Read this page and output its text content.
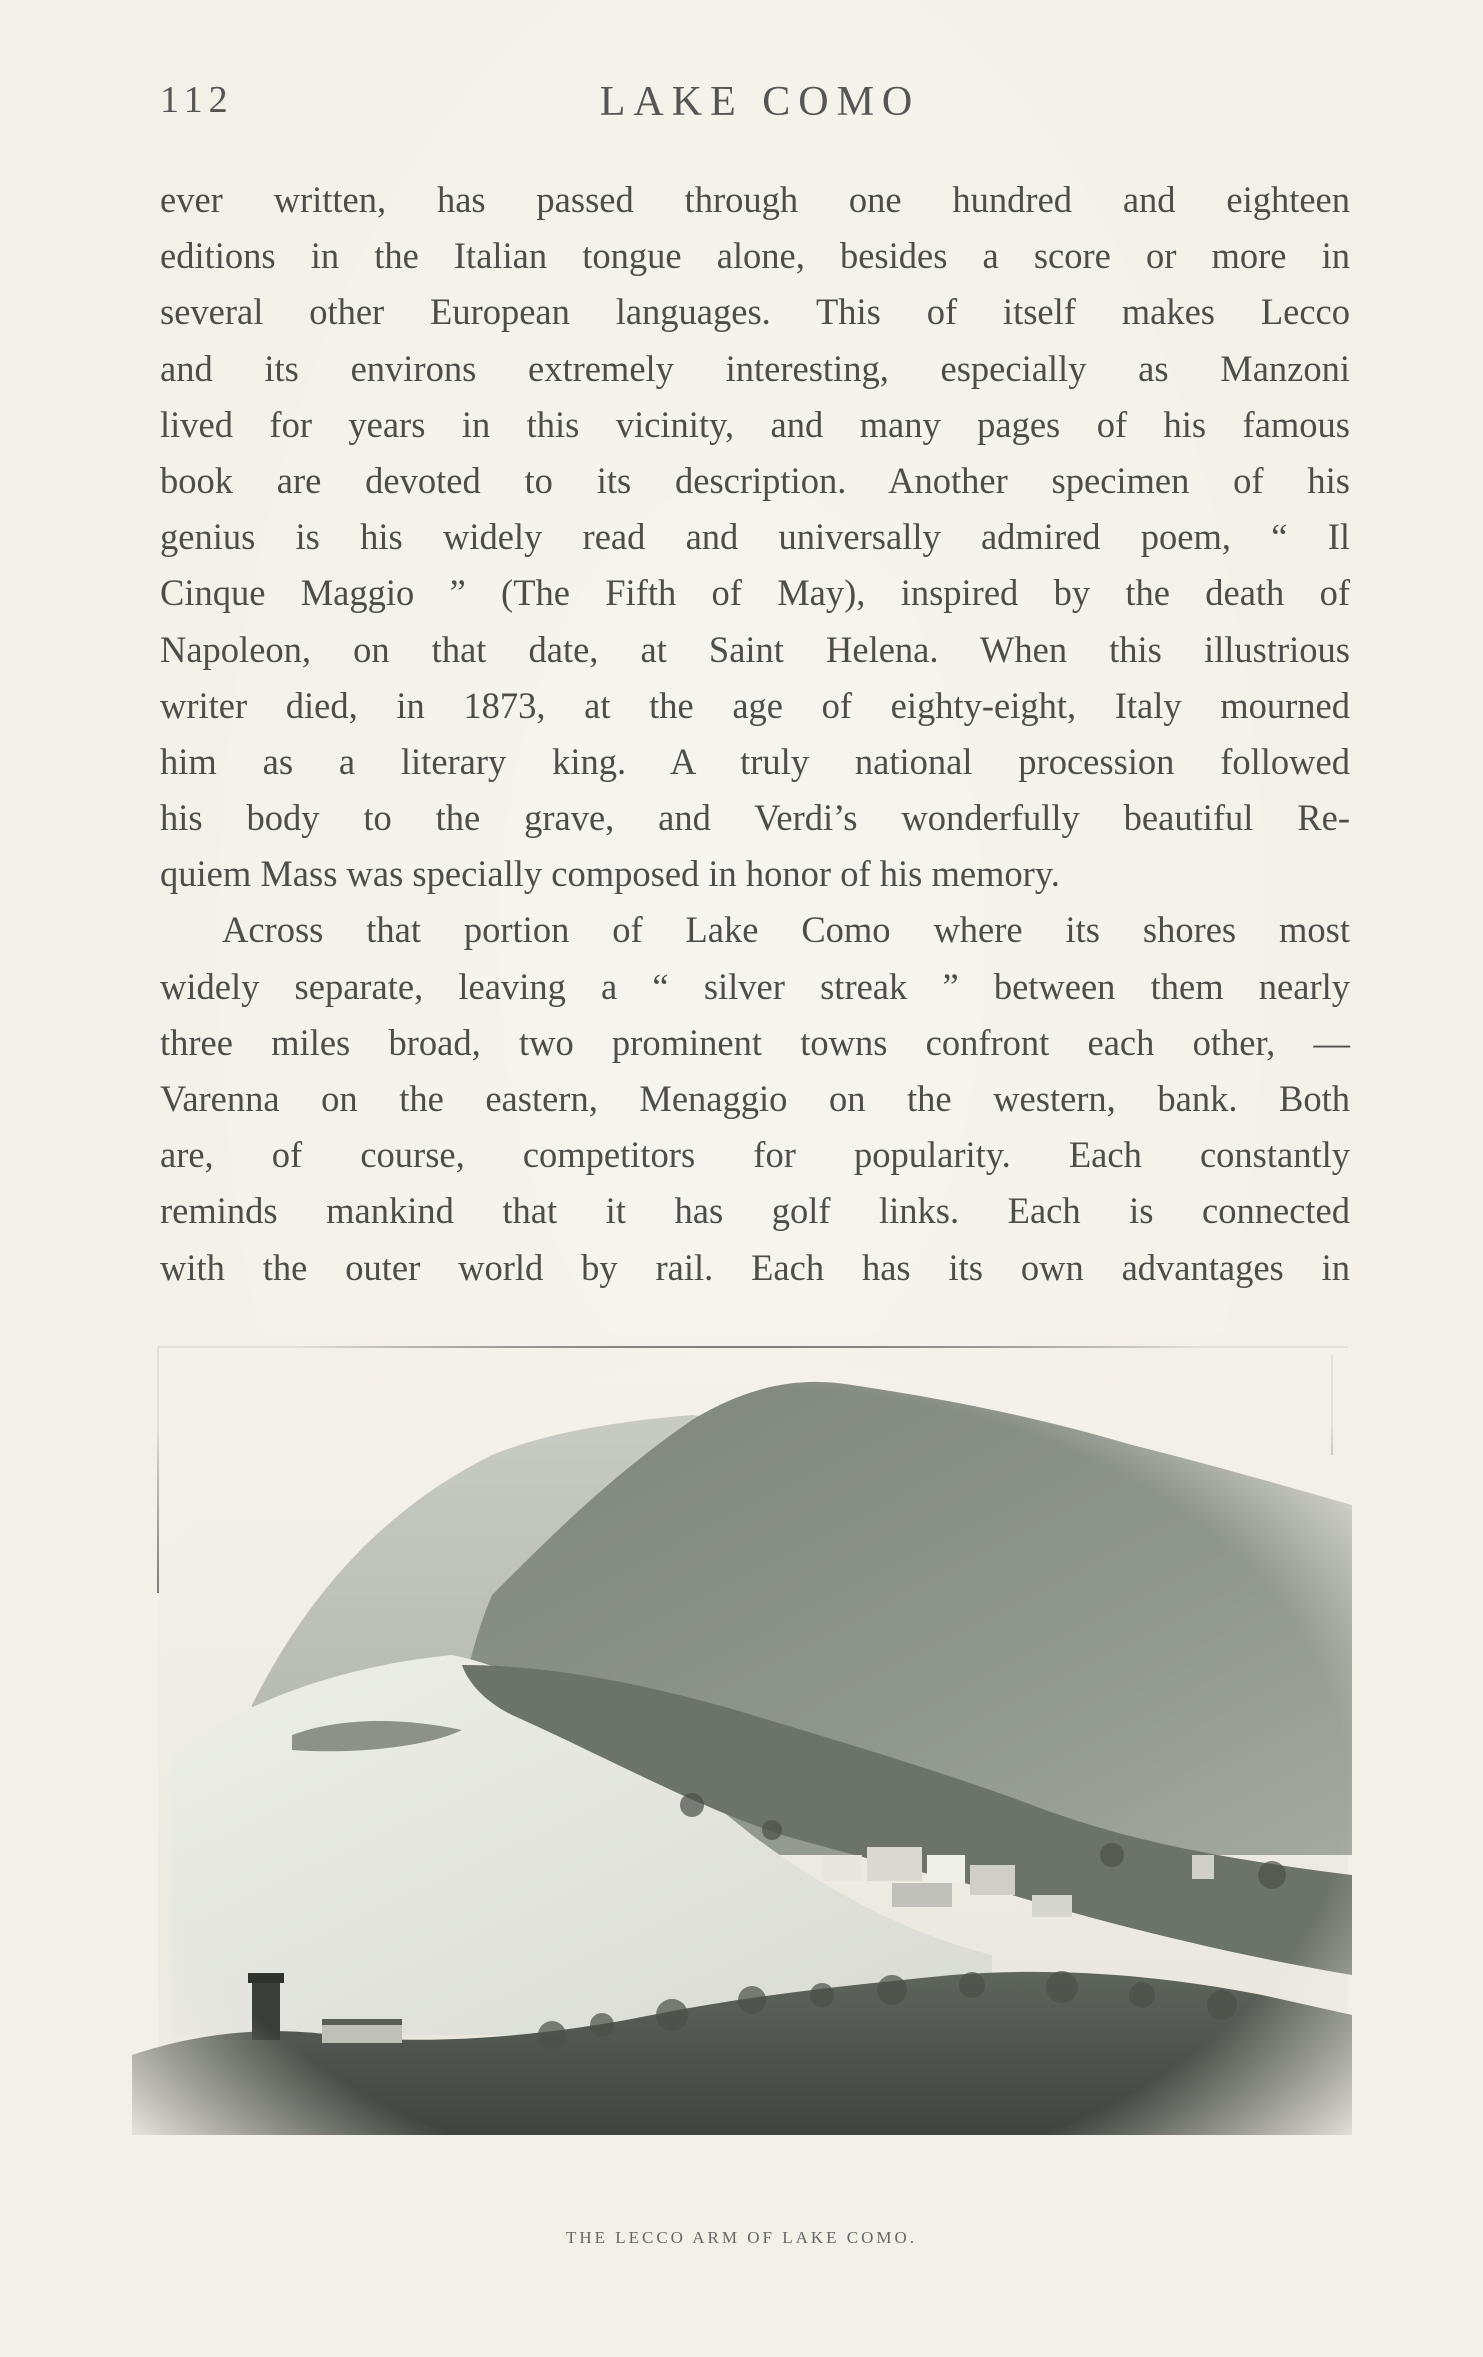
112	LAKE COMO
ever written, has passed through one hundred and eighteen
editions in the Italian tongue alone, besides a score or more in
several other European languages. This of itself makes Lecco
and its environs extremely interesting, especially as Manzoni
lived for years in this vicinity, and many pages of his famous
book are devoted to its description. Another specimen of his
genius is his widely read and universally admired poem, “ Il
Cinque Maggio ” (The Fifth of May), inspired by the death of
Napoleon, on that date, at Saint Helena. When this illustrious
writer died, in 1873, at the age of eighty-eight, Italy mourned
him as a literary king. A truly national procession followed
his body to the grave, and Verdi’s wonderfully beautiful Re-
quiem Mass was specially composed in honor of his memory.
Across that portion of Lake Como where its shores most
widely separate, leaving a “ silver streak ” between them nearly
three miles broad, two prominent towns confront each other, —
Varenna on the eastern, Menaggio on the western, bank. Both
are, of course, competitors for popularity. Each constantly
reminds mankind that it has golf links. Each is connected
with the outer world by rail. Each has its own advantages in
THE LECCO ARM OF LAKE COMO.
